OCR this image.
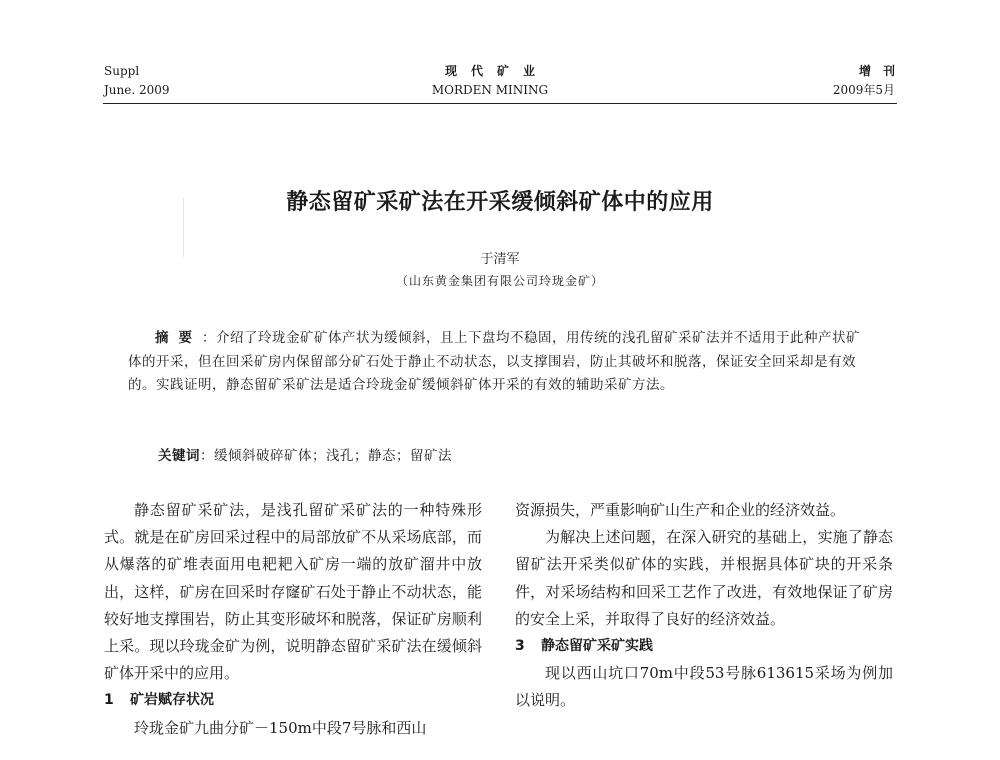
Suppl
June. 2009
现代矿业
MORDEN MINING
增刊
2009年5月
静态留矿采矿法在开采缓倾斜矿体中的应用
于清军
（山东黄金集团有限公司玲珑金矿）
摘要：介绍了玲珑金矿矿体产状为缓倾斜，且上下盘均不稳固，用传统的浅孔留矿采矿法并不适用于此种产状矿体的开采，但在回采矿房内保留部分矿石处于静止不动状态，以支撑围岩，防止其破坏和脱落，保证安全回采却是有效的。实践证明，静态留矿采矿法是适合玲珑金矿缓倾斜矿体开采的有效的辅助采矿方法。
关键词：缓倾斜破碎矿体；浅孔；静态；留矿法

静态留矿采矿法，是浅孔留矿采矿法的一种特殊形式。就是在矿房回采过程中的局部放矿不从采场底部，而从爆落的矿堆表面用电耙耙入矿房一端的放矿溜井中放出，这样，矿房在回采时存窿矿石处于静止不动状态，能较好地支撑围岩，防止其变形破坏和脱落，保证矿房顺利上采。现以玲珑金矿为例，说明静态留矿采矿法在缓倾斜矿体开采中的应用。

1 矿岩赋存状况

玲珑金矿九曲分矿－150m中段7号脉和西山

资源损失，严重影响矿山生产和企业的经济效益。

为解决上述问题，在深入研究的基础上，实施了静态留矿法开采类似矿体的实践，并根据具体矿块的开采条件，对采场结构和回采工艺作了改进，有效地保证了矿房的安全上采，并取得了良好的经济效益。

3 静态留矿采矿实践

现以西山坑口70m中段53号脉613615采场为例加以说明。
